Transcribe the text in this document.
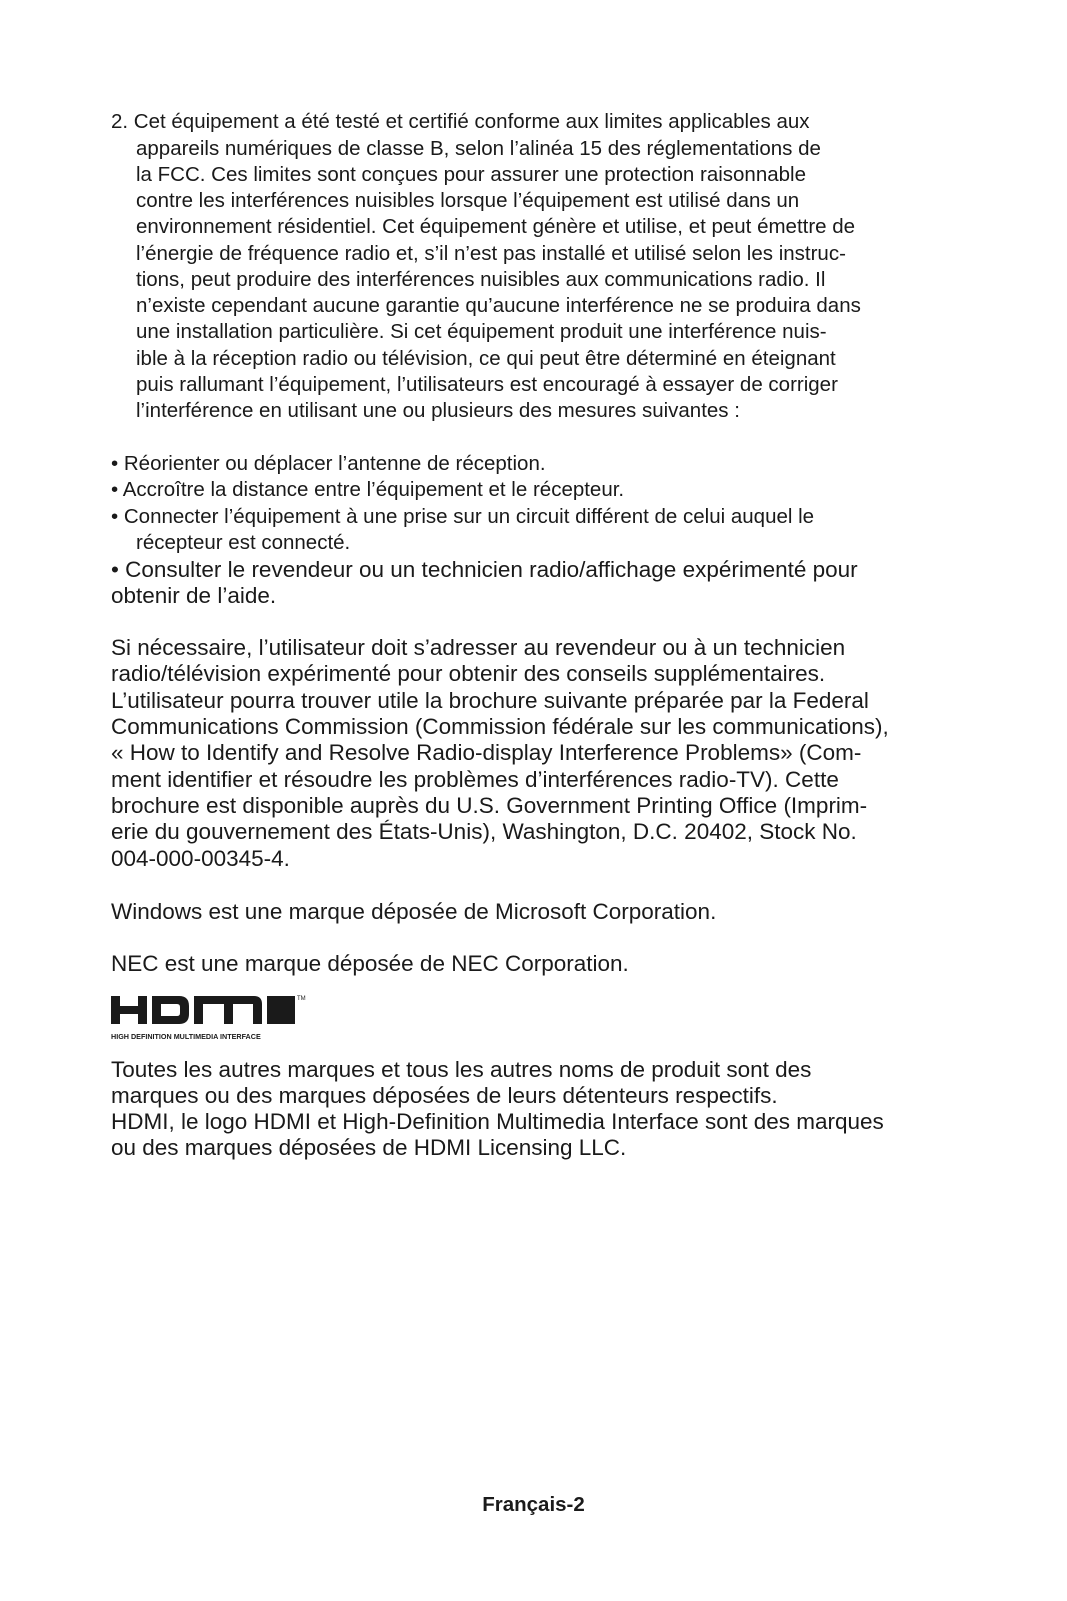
2. Cet équipement a été testé et certifié conforme aux limites applicables aux
appareils numériques de classe B, selon l’alinéa 15 des réglementations de
la FCC. Ces limites sont conçues pour assurer une protection raisonnable
contre les interférences nuisibles lorsque l’équipement est utilisé dans un
environnement résidentiel. Cet équipement génère et utilise, et peut émettre de
l’énergie de fréquence radio et, s’il n’est pas installé et utilisé selon les instruc-
tions, peut produire des interférences nuisibles aux communications radio. Il
n’existe cependant aucune garantie qu’aucune interférence ne se produira dans
une installation particulière. Si cet équipement produit une interférence nuis-
ible à la réception radio ou télévision, ce qui peut être déterminé en éteignant
puis rallumant l’équipement, l’utilisateurs est encouragé à essayer de corriger
l’interférence en utilisant une ou plusieurs des mesures suivantes :
• Réorienter ou déplacer l’antenne de réception.
• Accroître la distance entre l’équipement et le récepteur.
• Connecter l’équipement à une prise sur un circuit différent de celui auquel le
récepteur est connecté.
• Consulter le revendeur ou un technicien radio/affichage expérimenté pour
obtenir de l’aide.
Si nécessaire, l’utilisateur doit s’adresser au revendeur ou à un technicien
radio/télévision expérimenté pour obtenir des conseils supplémentaires.
L’utilisateur pourra trouver utile la brochure suivante préparée par la Federal
Communications Commission (Commission fédérale sur les communications),
« How to Identify and Resolve Radio-display Interference Problems» (Com-
ment identifier et résoudre les problèmes d’interférences radio-TV). Cette
brochure est disponible auprès du U.S. Government Printing Office (Imprim-
erie du gouvernement des États-Unis), Washington, D.C. 20402, Stock No.
004-000-00345-4.
Windows est une marque déposée de Microsoft Corporation.
NEC est une marque déposée de NEC Corporation.
TM
HIGH DEFINITION MULTIMEDIA INTERFACE
Toutes les autres marques et tous les autres noms de produit sont des
marques ou des marques déposées de leurs détenteurs respectifs.
HDMI, le logo HDMI et High-Definition Multimedia Interface sont des marques
ou des marques déposées de HDMI Licensing LLC.
Français-2
